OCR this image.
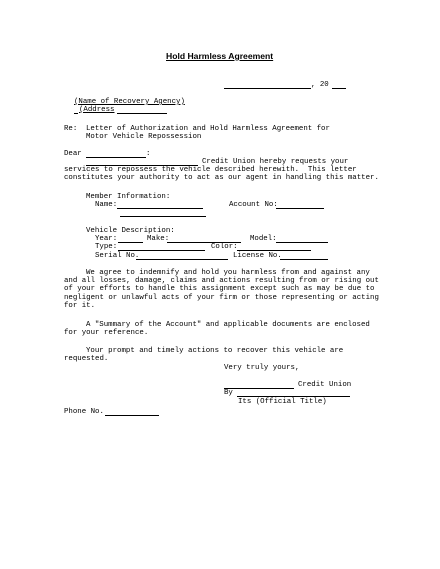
Hold Harmless Agreement
, 20
(Name of Recovery Agency)
(Address
Re: Letter of Authorization and Hold Harmless Agreement for
Motor Vehicle Repossession
Dear	:
Credit Union hereby requests your
services to repossess the vehicle described herewith.  This letter
constitutes your authority to act as our agent in handling this matter.
Member Information:
Name:	Account No:
Vehicle Description:
Year:	Make:	Model:
Type:	Color:
Serial No.	License No.
We agree to indemnify and hold you harmless from and against any
and all losses, damage, claims and actions resulting from or rising out
of your efforts to handle this assignment except such as may be due to
negligent or unlawful acts of your firm or those representing or acting
for it.
A "Summary of the Account" and applicable documents are enclosed
for your reference.
Your prompt and timely actions to recover this vehicle are
requested.
Very truly yours,
Credit Union
By
Its (Official Title)
Phone No.
